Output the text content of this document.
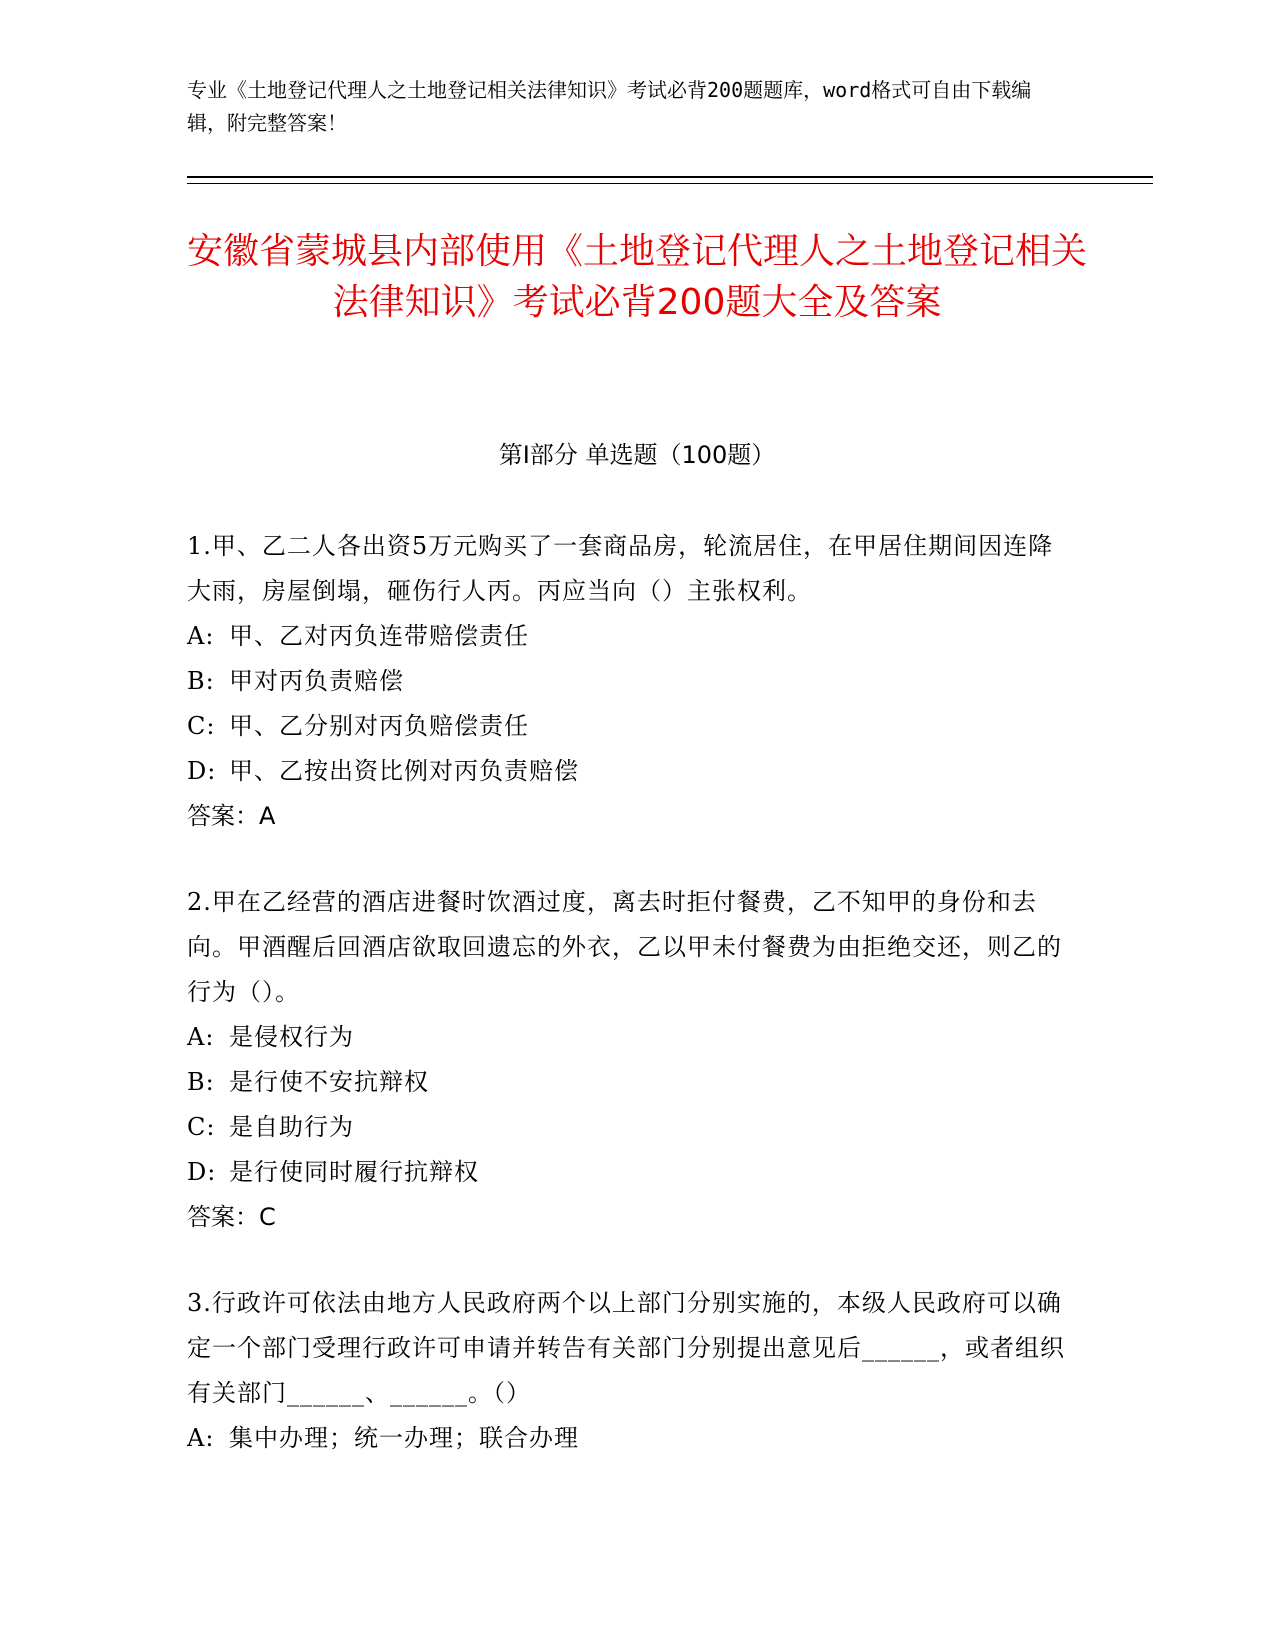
专业《土地登记代理人之土地登记相关法律知识》考试必背200题题库，word格式可自由下载编辑，附完整答案！
安徽省蒙城县内部使用《土地登记代理人之土地登记相关法律知识》考试必背200题大全及答案
第Ⅰ部分 单选题（100题）

1.甲、乙二人各出资5万元购买了一套商品房，轮流居住，在甲居住期间因连降大雨，房屋倒塌，砸伤行人丙。丙应当向（）主张权利。

A: 甲、乙对丙负连带赔偿责任

B: 甲对丙负责赔偿

C: 甲、乙分别对丙负赔偿责任

D: 甲、乙按出资比例对丙负责赔偿

答案：A

2.甲在乙经营的酒店进餐时饮酒过度，离去时拒付餐费，乙不知甲的身份和去向。甲酒醒后回酒店欲取回遗忘的外衣，乙以甲未付餐费为由拒绝交还，则乙的行为（）。

A: 是侵权行为

B: 是行使不安抗辩权

C: 是自助行为

D: 是行使同时履行抗辩权

答案：C

3.行政许可依法由地方人民政府两个以上部门分别实施的，本级人民政府可以确定一个部门受理行政许可申请并转告有关部门分别提出意见后______，或者组织有关部门______、______。（）

A: 集中办理；统一办理；联合办理
